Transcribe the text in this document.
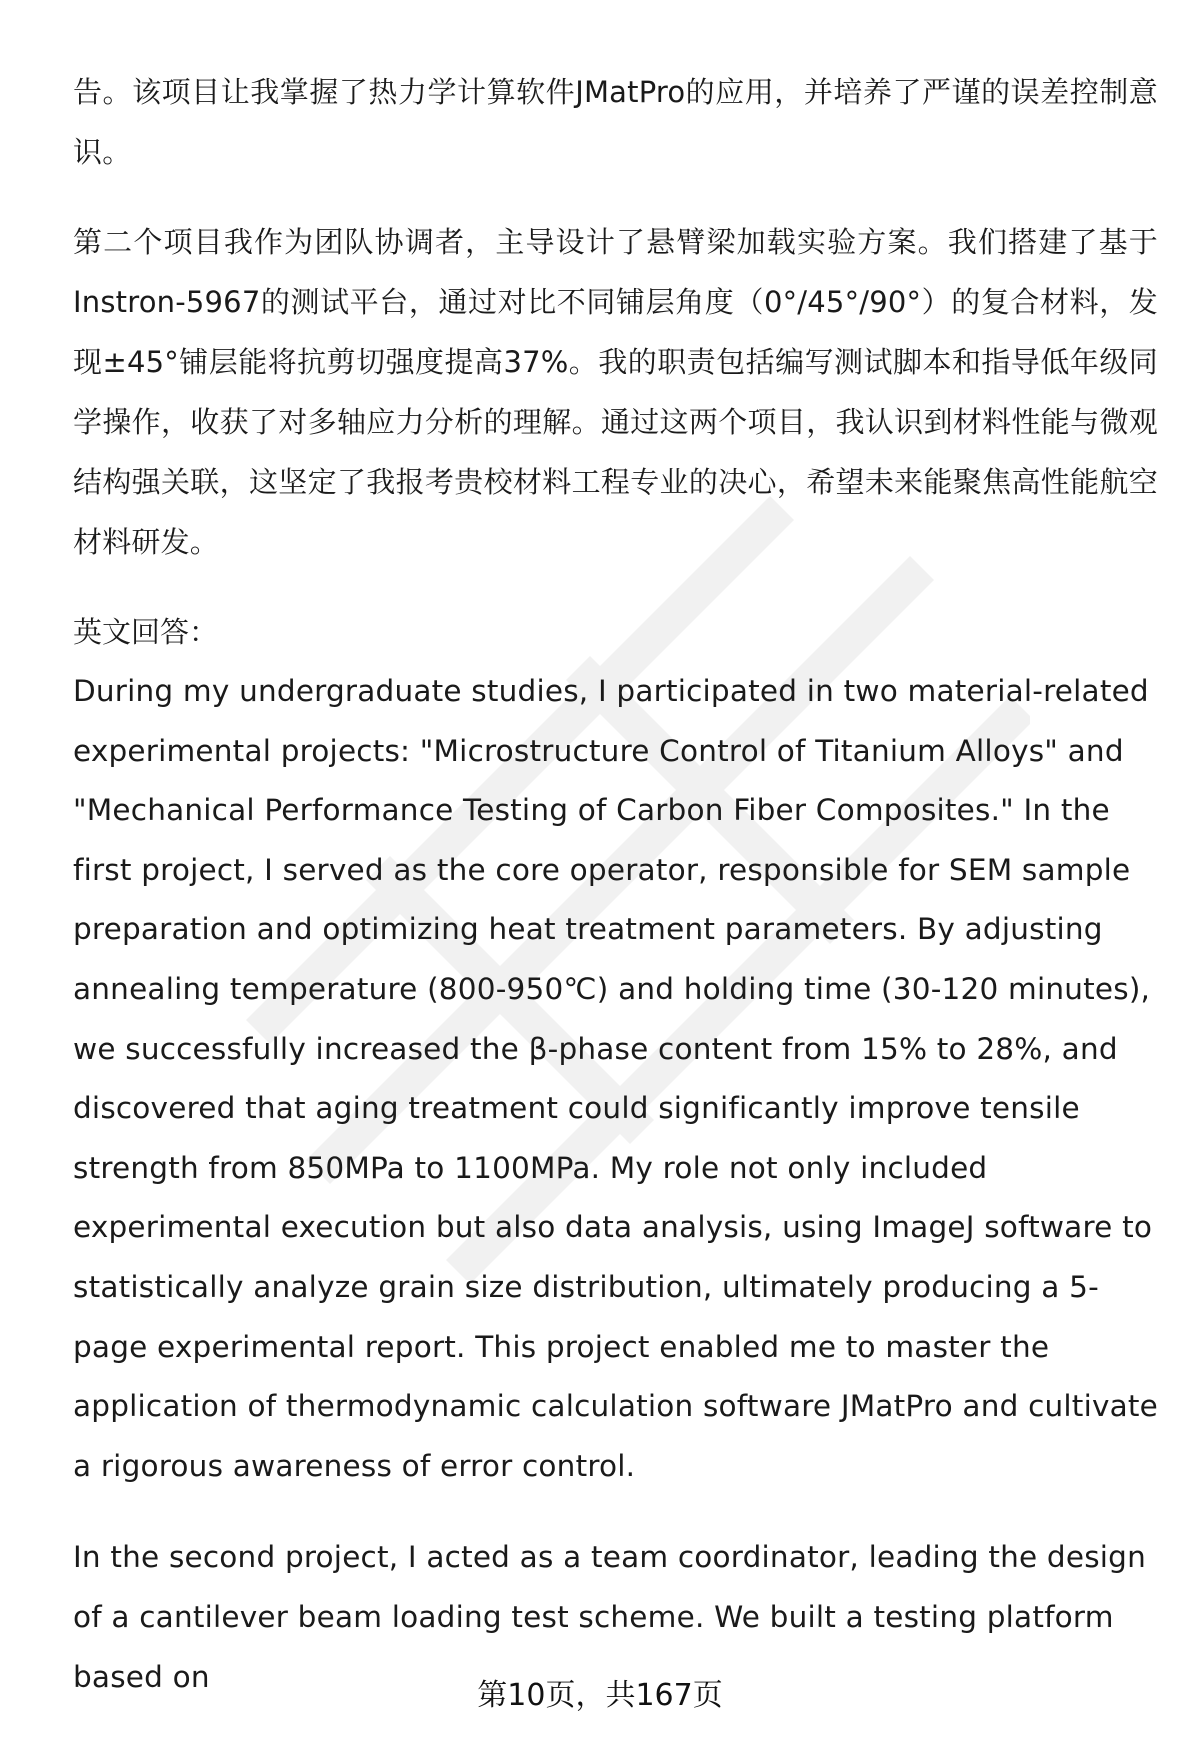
告。该项目让我掌握了热力学计算软件JMatPro的应用，并培养了严谨的误差控制意识。

第二个项目我作为团队协调者，主导设计了悬臂梁加载实验方案。我们搭建了基于Instron-5967的测试平台，通过对比不同铺层角度（0°/45°/90°）的复合材料，发现±45°铺层能将抗剪切强度提高37%。我的职责包括编写测试脚本和指导低年级同学操作，收获了对多轴应力分析的理解。通过这两个项目，我认识到材料性能与微观结构强关联，这坚定了我报考贵校材料工程专业的决心，希望未来能聚焦高性能航空材料研发。

英文回答：

During my undergraduate studies, I participated in two material-related experimental projects: "Microstructure Control of Titanium Alloys" and "Mechanical Performance Testing of Carbon Fiber Composites." In the first project, I served as the core operator, responsible for SEM sample preparation and optimizing heat treatment parameters. By adjusting annealing temperature (800-950℃) and holding time (30-120 minutes), we successfully increased the β-phase content from 15% to 28%, and discovered that aging treatment could significantly improve tensile strength from 850MPa to 1100MPa. My role not only included experimental execution but also data analysis, using ImageJ software to statistically analyze grain size distribution, ultimately producing a 5-page experimental report. This project enabled me to master the application of thermodynamic calculation software JMatPro and cultivate a rigorous awareness of error control.

In the second project, I acted as a team coordinator, leading the design of a cantilever beam loading test scheme. We built a testing platform based on

第10页，共167页
